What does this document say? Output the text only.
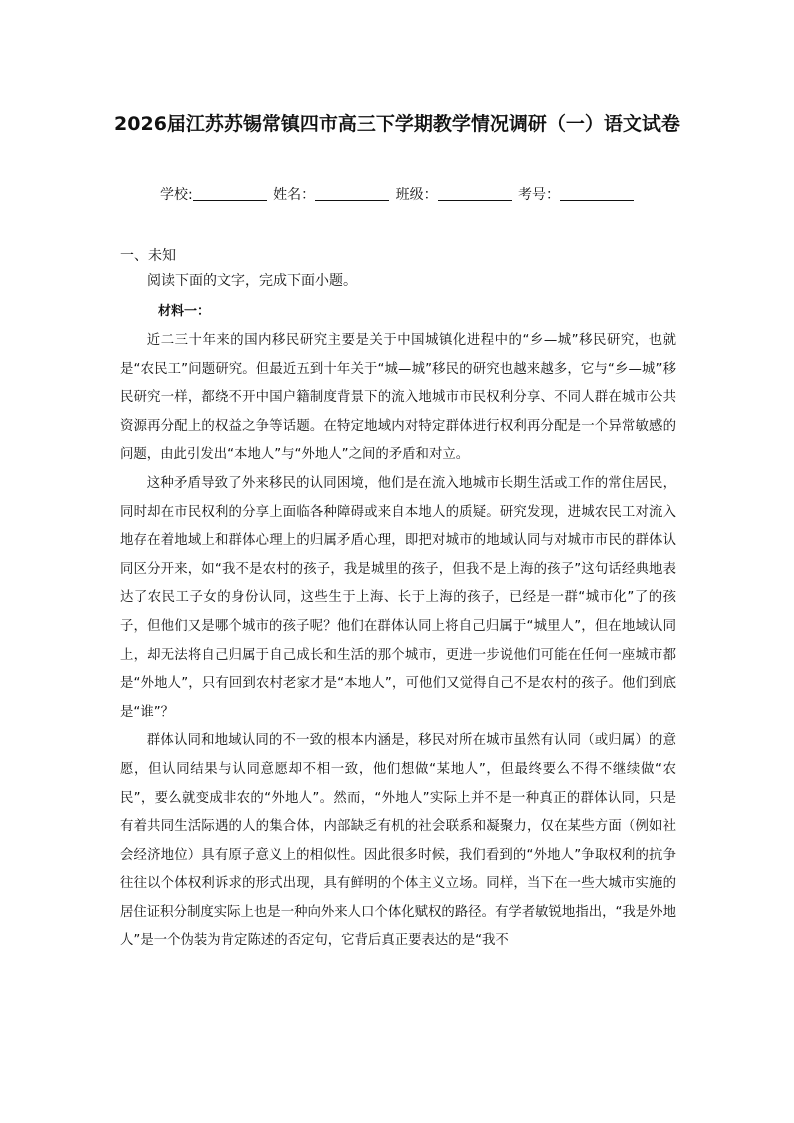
2026届江苏苏锡常镇四市高三下学期教学情况调研（一）语文试卷
学校:	姓名：	班级：	考号：
一、未知
阅读下面的文字，完成下面小题。
材料一：

近二三十年来的国内移民研究主要是关于中国城镇化进程中的“乡—城”移民研究，也就是“农民工”问题研究。但最近五到十年关于“城—城”移民的研究也越来越多，它与“乡—城”移民研究一样，都绕不开中国户籍制度背景下的流入地城市市民权利分享、不同人群在城市公共资源再分配上的权益之争等话题。在特定地域内对特定群体进行权利再分配是一个异常敏感的问题，由此引发出“本地人”与“外地人”之间的矛盾和对立。

这种矛盾导致了外来移民的认同困境，他们是在流入地城市长期生活或工作的常住居民，同时却在市民权利的分享上面临各种障碍或来自本地人的质疑。研究发现，进城农民工对流入地存在着地域上和群体心理上的归属矛盾心理，即把对城市的地域认同与对城市市民的群体认同区分开来，如“我不是农村的孩子，我是城里的孩子，但我不是上海的孩子”这句话经典地表达了农民工子女的身份认同，这些生于上海、长于上海的孩子，已经是一群“城市化”了的孩子，但他们又是哪个城市的孩子呢？他们在群体认同上将自己归属于“城里人”，但在地域认同上，却无法将自己归属于自己成长和生活的那个城市，更进一步说他们可能在任何一座城市都是“外地人”，只有回到农村老家才是“本地人”，可他们又觉得自己不是农村的孩子。他们到底是“谁”？

群体认同和地域认同的不一致的根本内涵是，移民对所在城市虽然有认同（或归属）的意愿，但认同结果与认同意愿却不相一致，他们想做“某地人”，但最终要么不得不继续做“农民”，要么就变成非农的“外地人”。然而，“外地人”实际上并不是一种真正的群体认同，只是有着共同生活际遇的人的集合体，内部缺乏有机的社会联系和凝聚力，仅在某些方面（例如社会经济地位）具有原子意义上的相似性。因此很多时候，我们看到的“外地人”争取权利的抗争往往以个体权利诉求的形式出现，具有鲜明的个体主义立场。同样，当下在一些大城市实施的居住证积分制度实际上也是一种向外来人口个体化赋权的路径。有学者敏锐地指出，“我是外地人”是一个伪装为肯定陈述的否定句，它背后真正要表达的是“我不
